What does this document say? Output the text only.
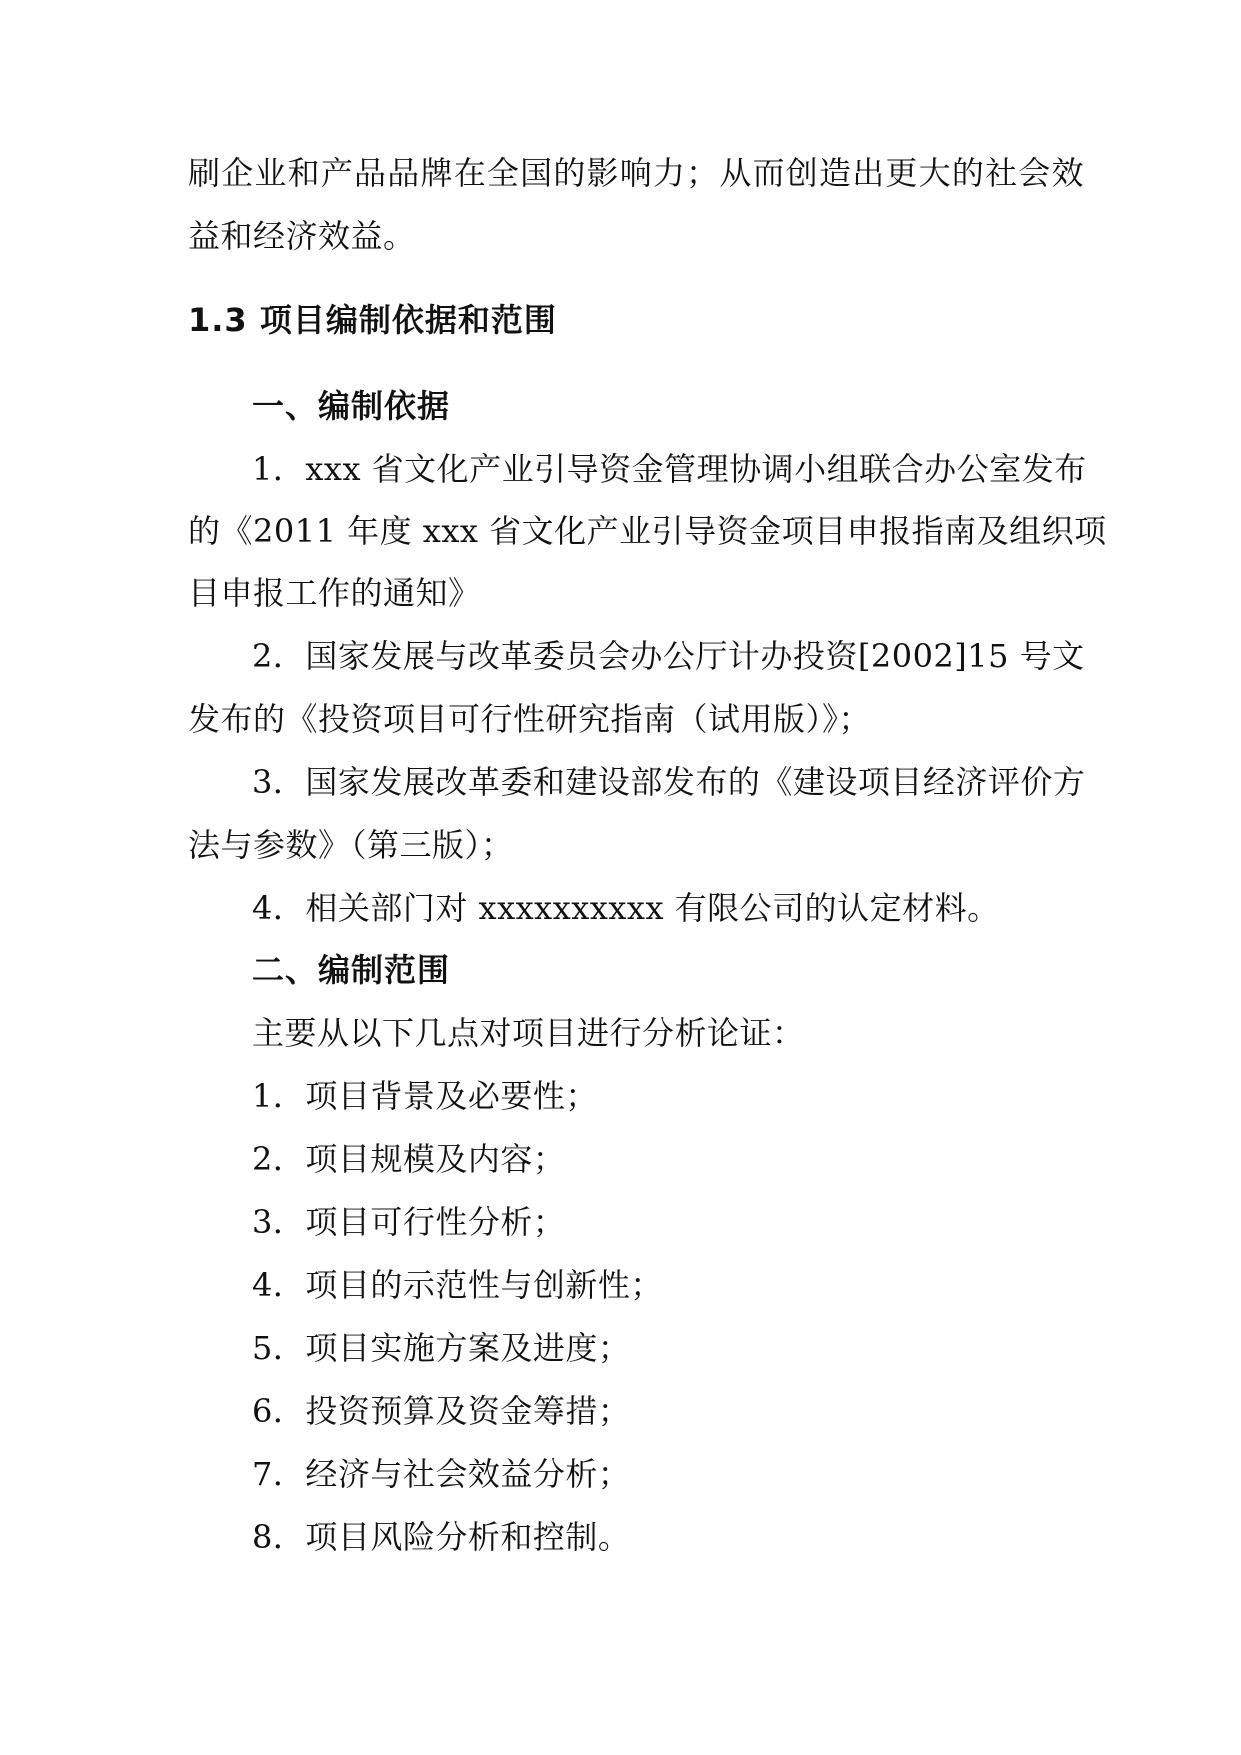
刷企业和产品品牌在全国的影响力；从而创造出更大的社会效
益和经济效益。
1.3 项目编制依据和范围
一、编制依据
1．xxx 省文化产业引导资金管理协调小组联合办公室发布
的《2011 年度 xxx 省文化产业引导资金项目申报指南及组织项
目申报工作的通知》
2．国家发展与改革委员会办公厅计办投资[2002]15 号文
发布的《投资项目可行性研究指南（试用版）》；
3．国家发展改革委和建设部发布的《建设项目经济评价方
法与参数》（第三版）；
4．相关部门对 xxxxxxxxxx 有限公司的认定材料。
二、编制范围
主要从以下几点对项目进行分析论证：
1．项目背景及必要性；
2．项目规模及内容；
3．项目可行性分析；
4．项目的示范性与创新性；
5．项目实施方案及进度；
6．投资预算及资金筹措；
7．经济与社会效益分析；
8．项目风险分析和控制。
